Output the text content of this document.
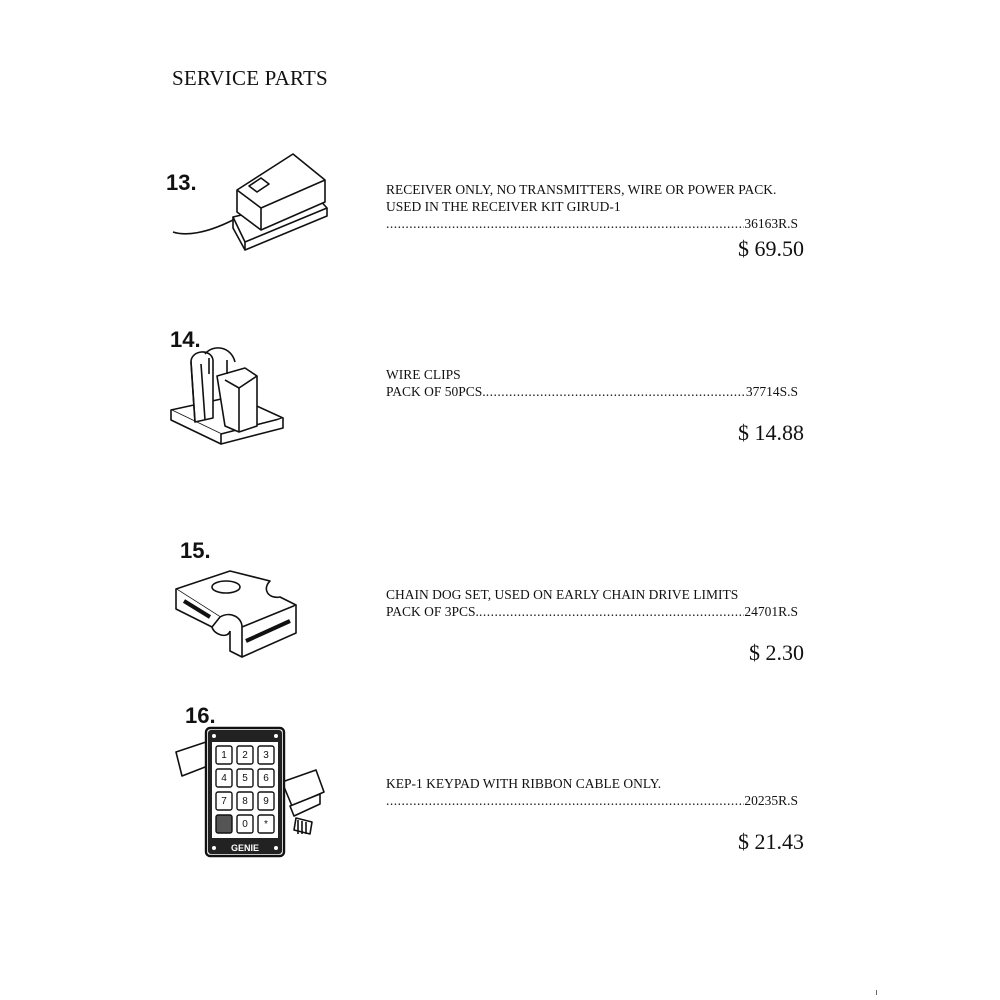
SERVICE PARTS
13.	RECEIVER ONLY, NO TRANSMITTERS, WIRE OR POWER PACK.
USED IN THE RECEIVER KIT GIRUD-1
.....
36163R.S
$ 69.50
14.
WIRE CLIPS
PACK OF 50PCS. .....	37714S.S
$ 14.88
15.
CHAIN DOG SET, USED ON EARLY CHAIN DRIVE LIMITS
PACK OF 3PCS. .....	24701R.S
$ 2.30
16.
1 2 3
4 5 6
7 8 9
0 *
GENIE
KEP-1 KEYPAD WITH RIBBON CABLE ONLY.
.....
20235R.S
$ 21.43
